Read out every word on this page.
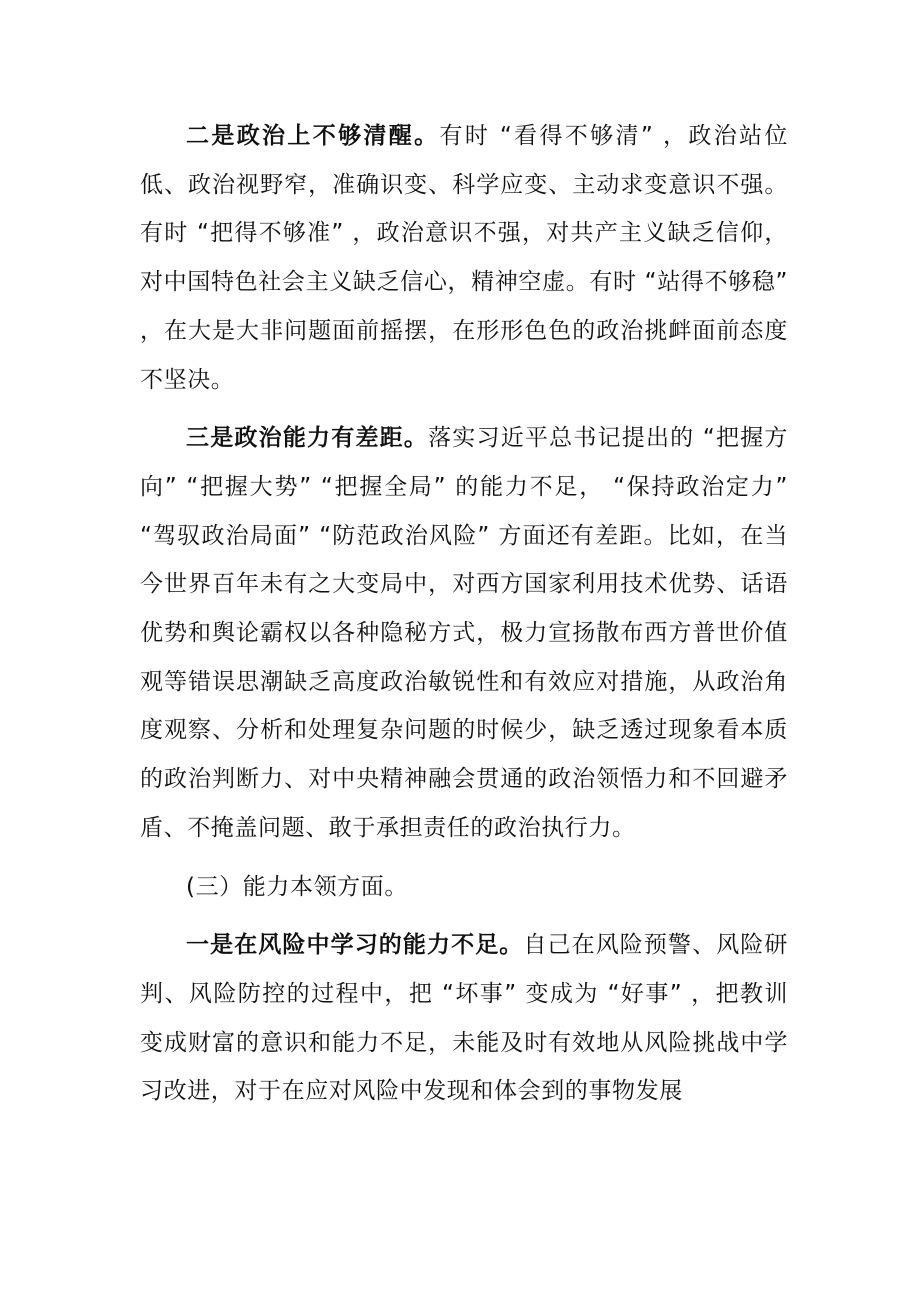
二是政治上不够清醒。有时 “看得不够清” ，政治站位低、政治视野窄，准确识变、科学应变、主动求变意识不强。有时 “把得不够准” ，政治意识不强，对共产主义缺乏信仰，对中国特色社会主义缺乏信心，精神空虚。有时 “站得不够稳” ，在大是大非问题面前摇摆，在形形色色的政治挑衅面前态度不坚决。

三是政治能力有差距。落实习近平总书记提出的 “把握方向” “把握大势” “把握全局” 的能力不足， “保持政治定力” “驾驭政治局面” “防范政治风险” 方面还有差距。比如，在当今世界百年未有之大变局中，对西方国家利用技术优势、话语优势和舆论霸权以各种隐秘方式，极力宣扬散布西方普世价值观等错误思潮缺乏高度政治敏锐性和有效应对措施，从政治角度观察、分析和处理复杂问题的时候少，缺乏透过现象看本质的政治判断力、对中央精神融会贯通的政治领悟力和不回避矛盾、不掩盖问题、敢于承担责任的政治执行力。

(三）能力本领方面。

一是在风险中学习的能力不足。自己在风险预警、风险研判、风险防控的过程中，把 “坏事” 变成为 “好事” ，把教训变成财富的意识和能力不足，未能及时有效地从风险挑战中学习改进，对于在应对风险中发现和体会到的事物发展
